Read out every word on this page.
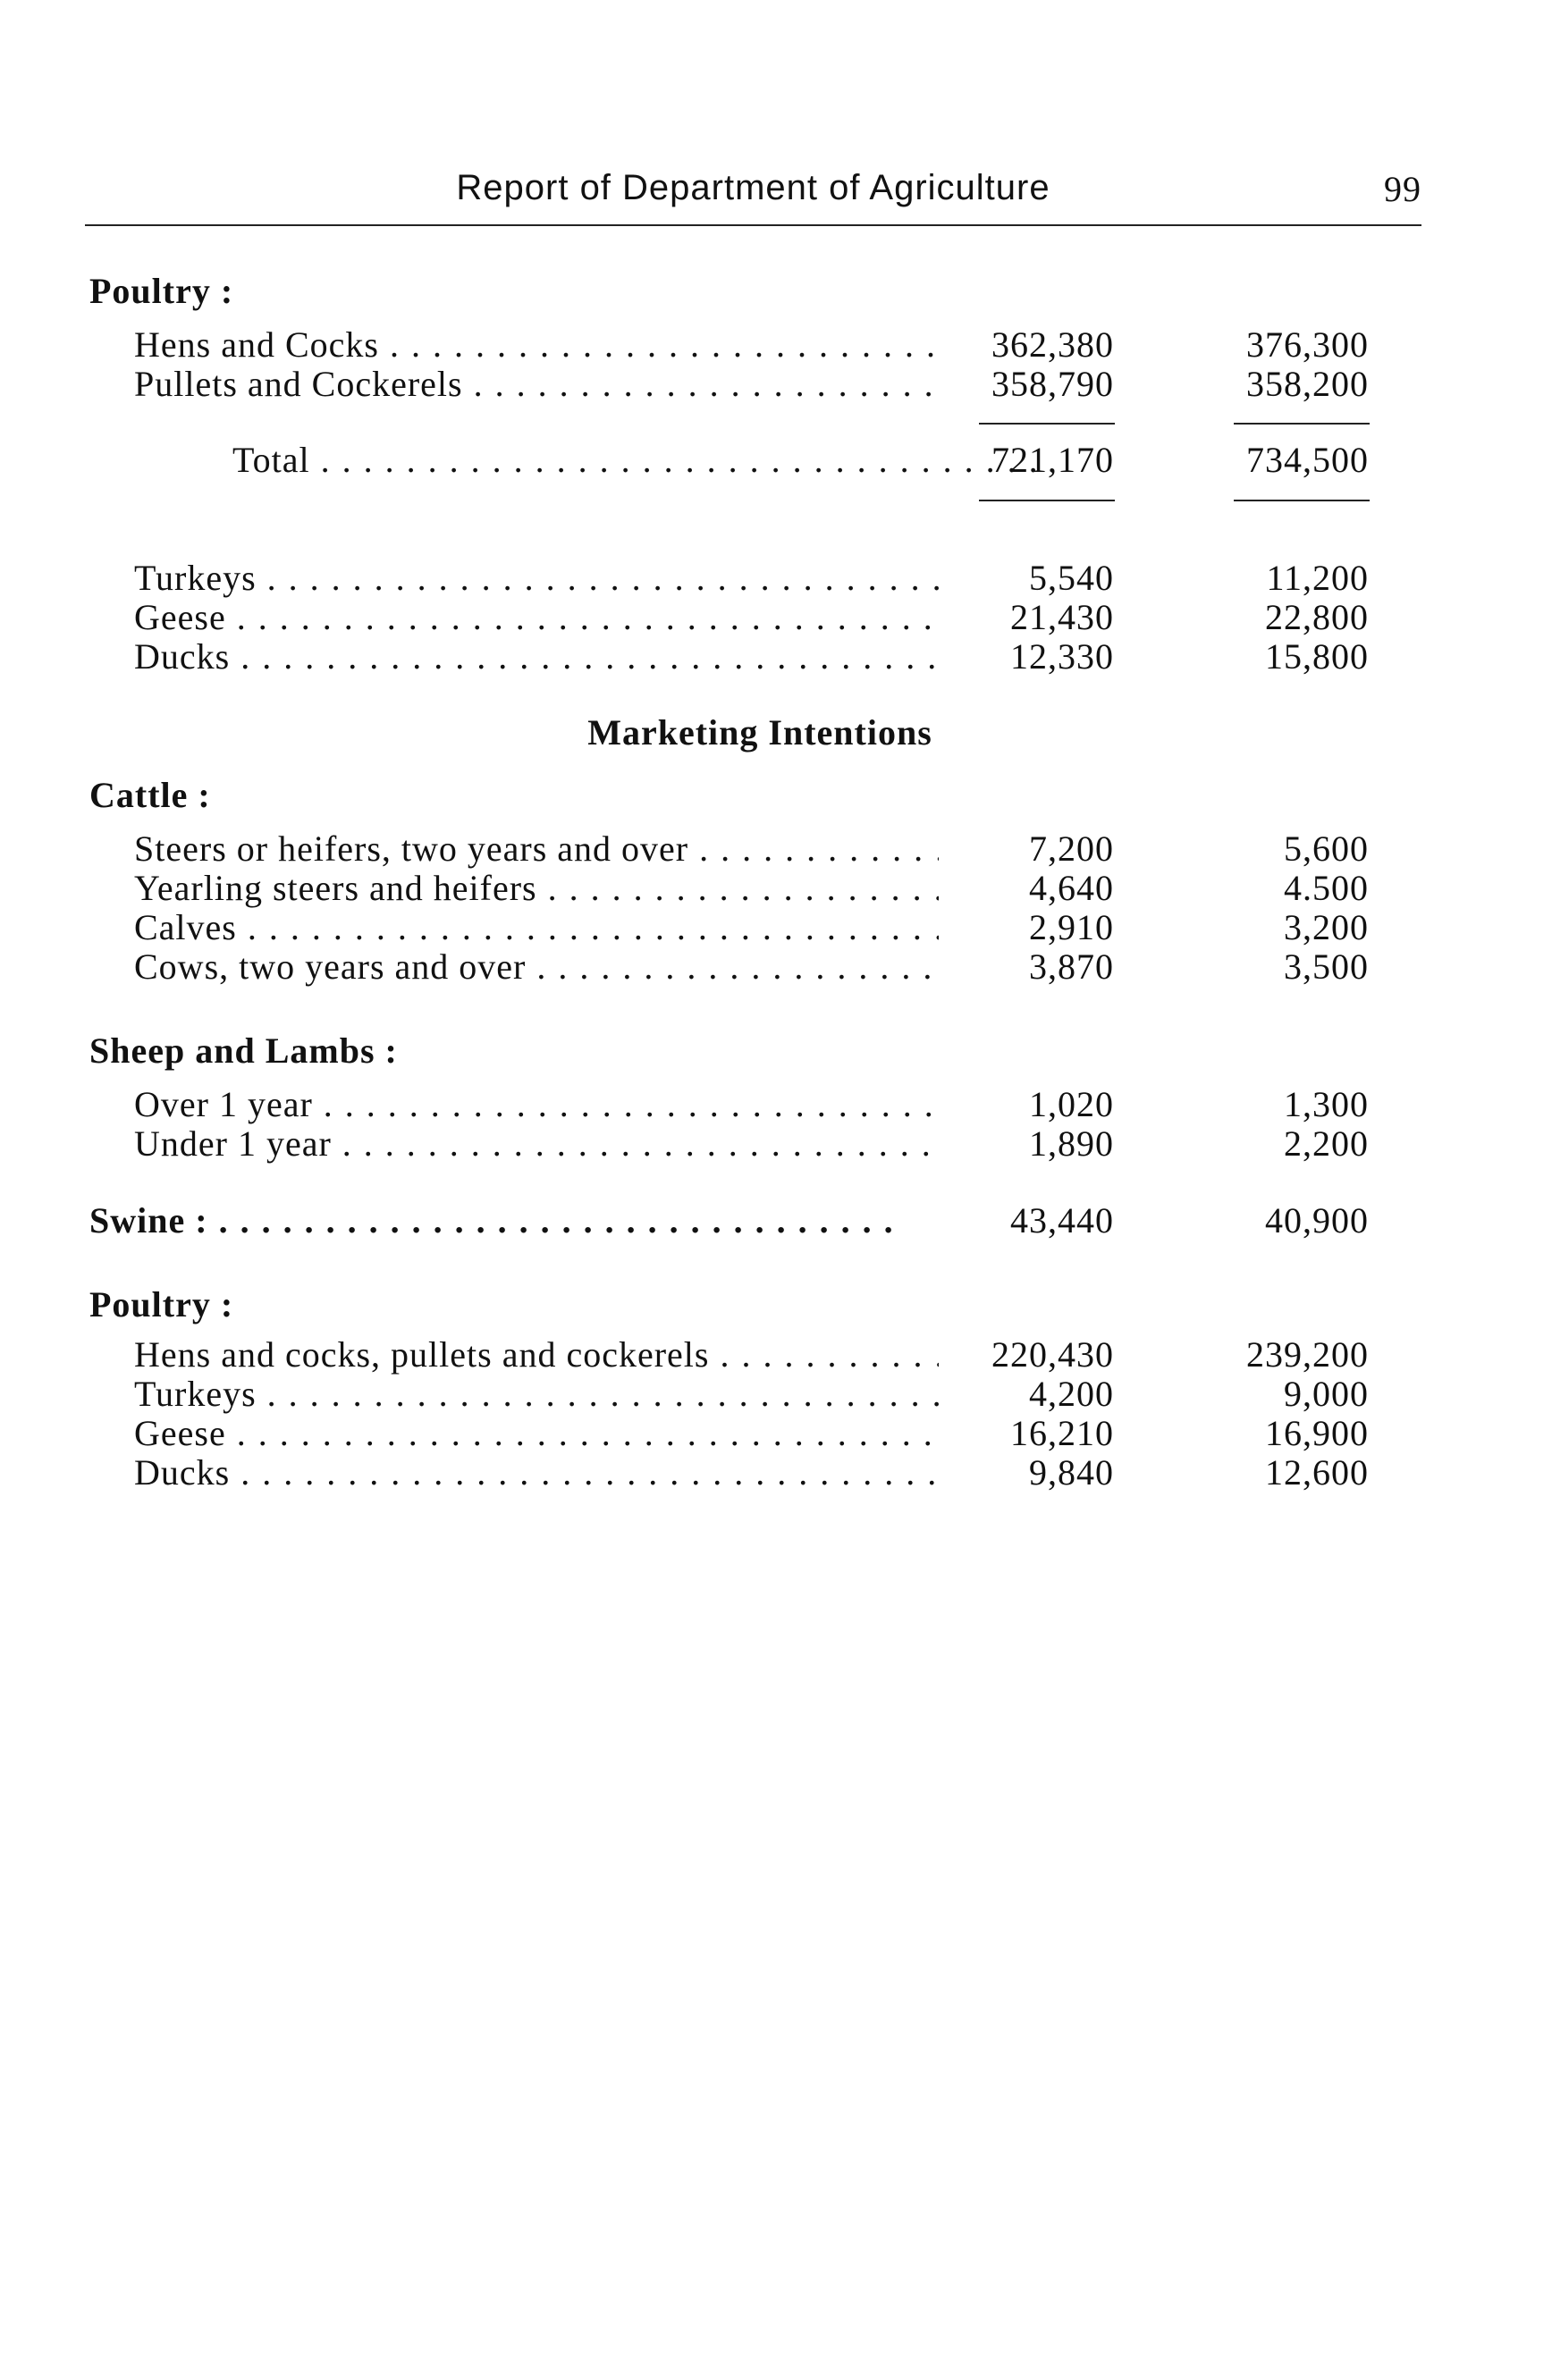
Report of Department of Agriculture	99
Poultry :
Hens and Cocks . . .	362,380	376,300
Pullets and Cockerels . . .	358,790	358,200
Total . . .	721,170	734,500
Turkeys . . .	5,540	11,200
Geese . . .	21,430	22,800
Ducks . . .	12,330	15,800
Marketing Intentions
Cattle :
Steers or heifers, two years and over . . .	7,200	5,600
Yearling steers and heifers . . .	4,640	4.500
Calves . . .	2,910	3,200
Cows, two years and over . . .	3,870	3,500
Sheep and Lambs :
Over 1 year . . .	1,020	1,300
Under 1 year . . .	1,890	2,200
Swine : . . .	43,440	40,900
Poultry :
Hens and cocks, pullets and cockerels . . .	220,430	239,200
Turkeys . . .	4,200	9,000
Geese . . .	16,210	16,900
Ducks . . .	9,840	12,600
